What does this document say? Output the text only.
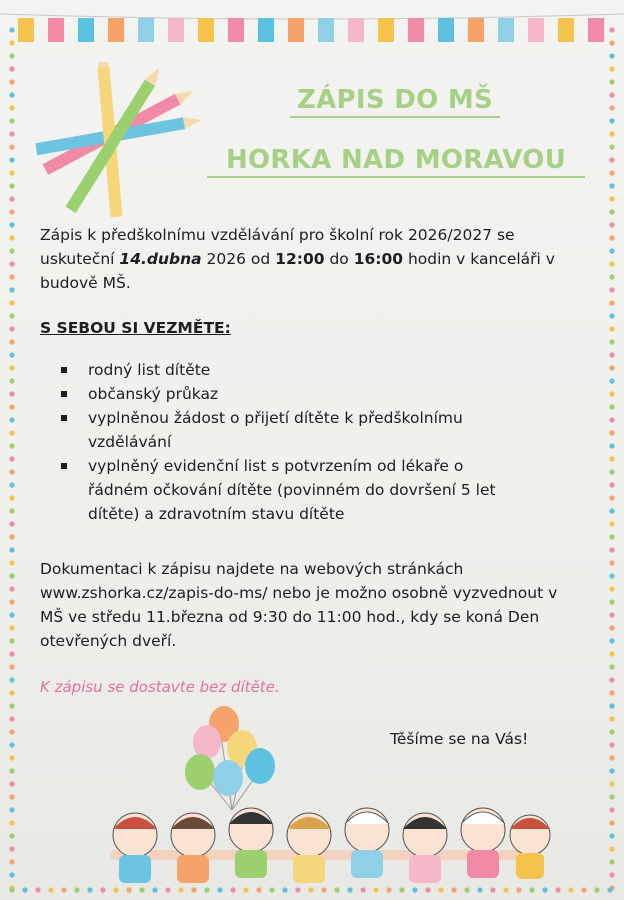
ZÁPIS DO MŠ
HORKA NAD MORAVOU
Zápis k předškolnímu vzdělávání pro školní rok 2026/2027 se uskuteční 14.dubna 2026 od 12:00 do 16:00 hodin v kanceláři v budově MŠ.
S SEBOU SI VEZMĚTE:
rodný list dítěte
občanský průkaz
vyplněnou žádost o přijetí dítěte k předškolnímu vzdělávání
vyplněný evidenční list s potvrzením od lékaře o řádném očkování dítěte (povinném do dovršení 5 let dítěte) a zdravotním stavu dítěte
Dokumentaci k zápisu najdete na webových stránkách www.zshorka.cz/zapis-do-ms/ nebo je možno osobně vyzvednout v MŠ ve středu 11.března od 9:30 do 11:00 hod., kdy se koná Den otevřených dveří.
K zápisu se dostavte bez dítěte.
Těšíme se na Vás!
